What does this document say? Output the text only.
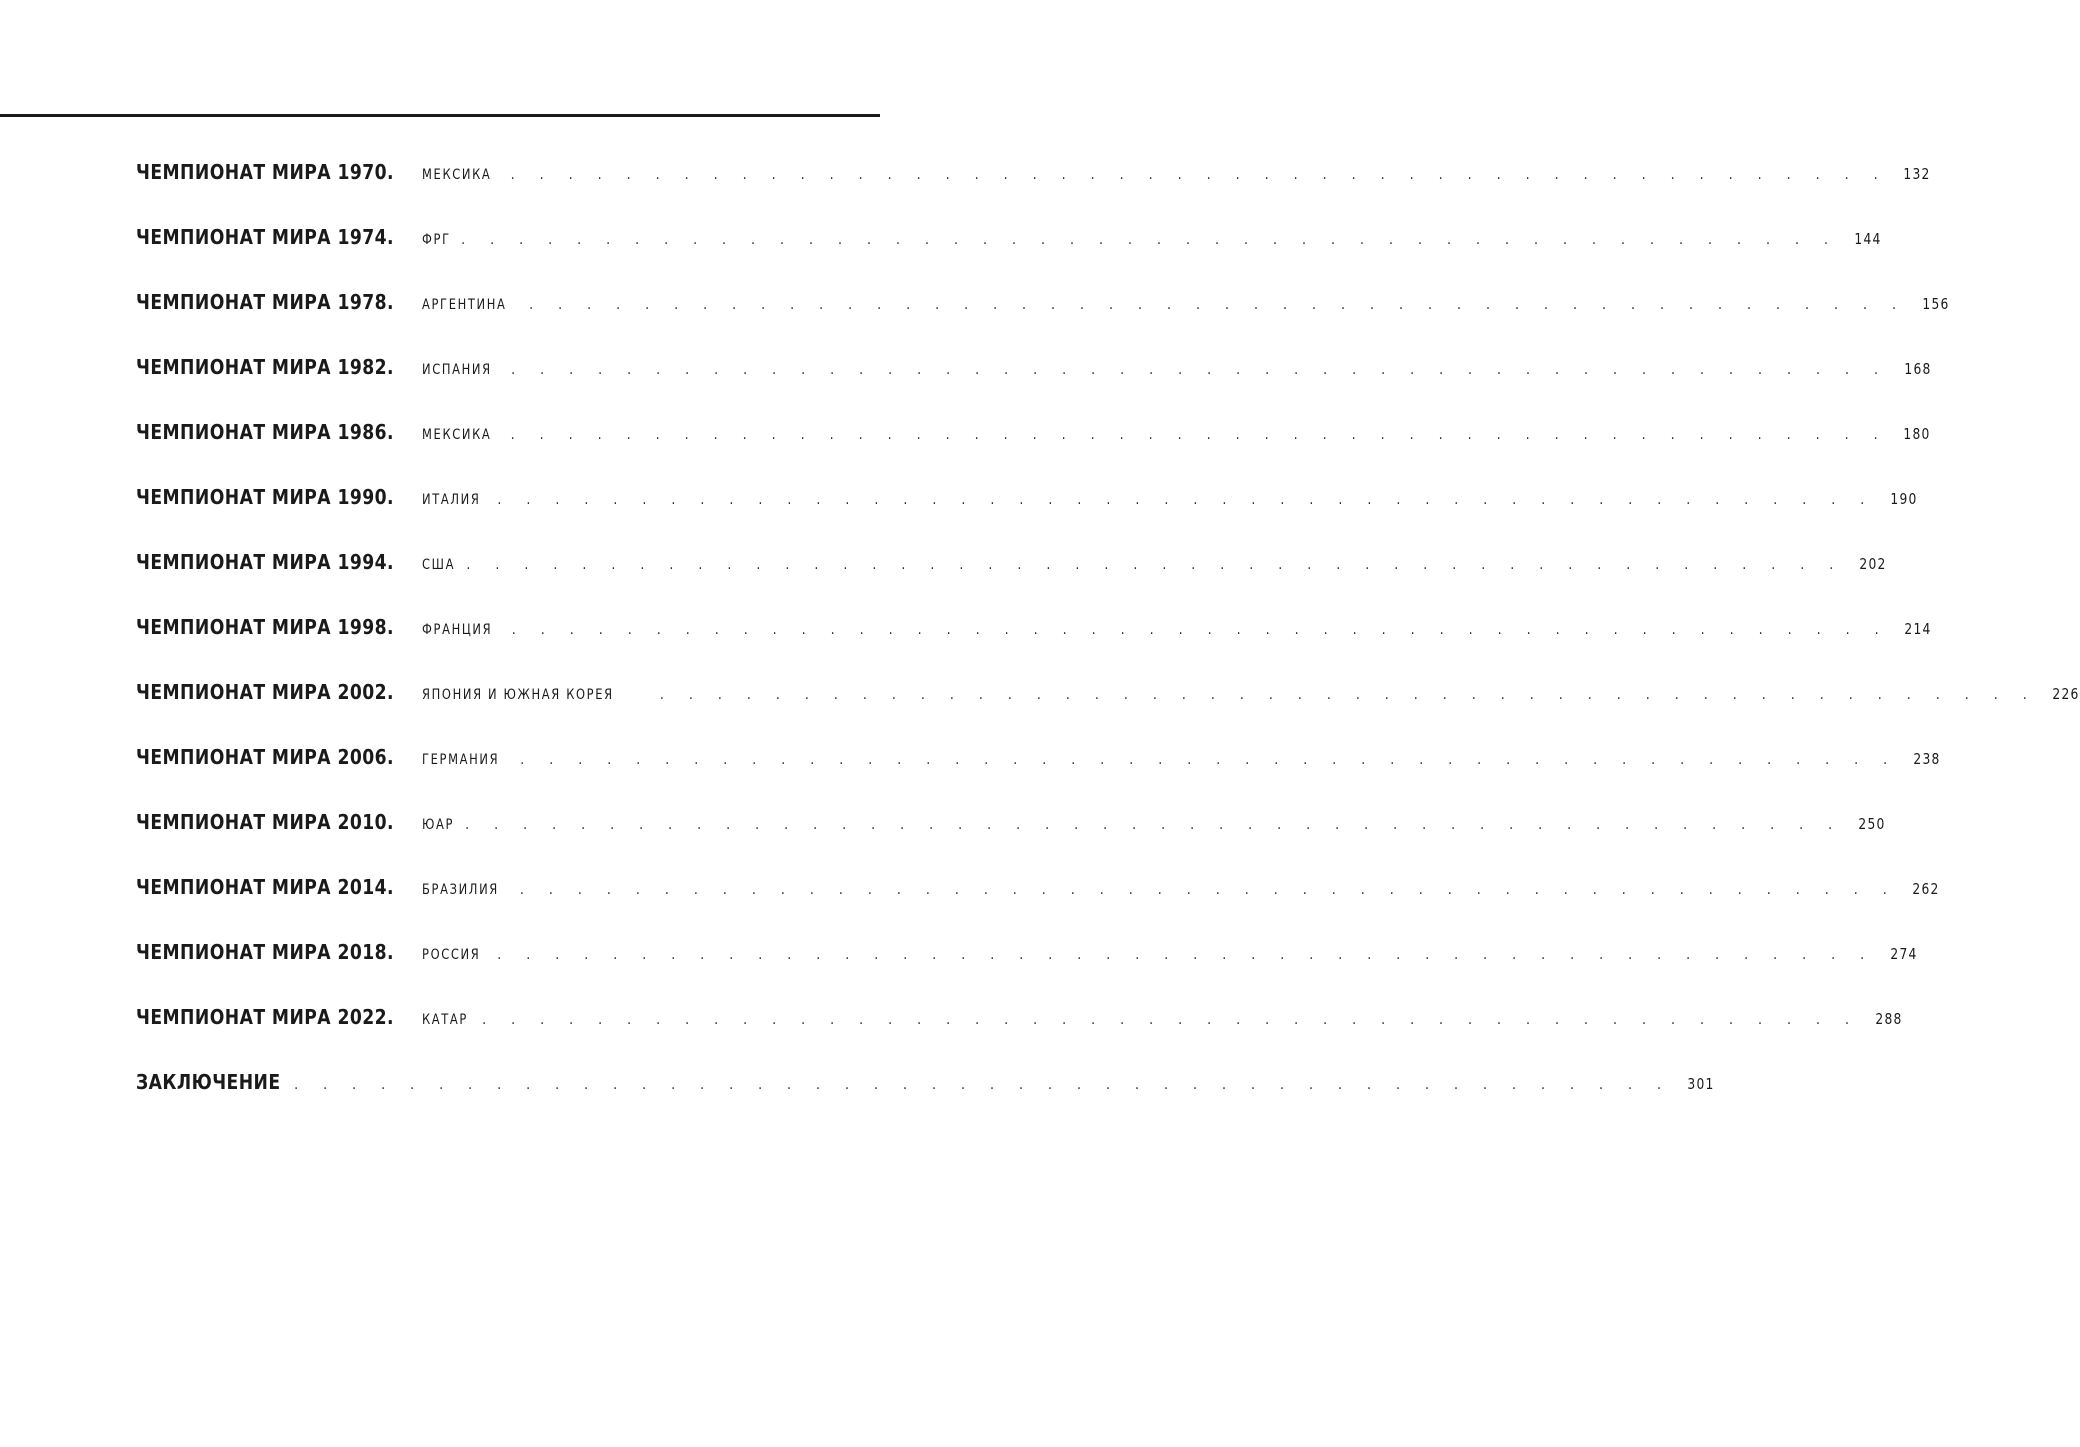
ЧЕМПИОНАТ МИРА 1970. МЕКСИКА . . . . . . . . . . . . . . . . . . . . . . . . . . . . . . . . . . . . . . . . . . . . . . . . 132
ЧЕМПИОНАТ МИРА 1974. ФРГ . . . . . . . . . . . . . . . . . . . . . . . . . . . . . . . . . . . . . . . . . . . . . . . . 144
ЧЕМПИОНАТ МИРА 1978. АРГЕНТИНА . . . . . . . . . . . . . . . . . . . . . . . . . . . . . . . . . . . . . . . . . . . . . . . . 156
ЧЕМПИОНАТ МИРА 1982. ИСПАНИЯ . . . . . . . . . . . . . . . . . . . . . . . . . . . . . . . . . . . . . . . . . . . . . . . . 168
ЧЕМПИОНАТ МИРА 1986. МЕКСИКА . . . . . . . . . . . . . . . . . . . . . . . . . . . . . . . . . . . . . . . . . . . . . . . . 180
ЧЕМПИОНАТ МИРА 1990. ИТАЛИЯ . . . . . . . . . . . . . . . . . . . . . . . . . . . . . . . . . . . . . . . . . . . . . . . . 190
ЧЕМПИОНАТ МИРА 1994. США . . . . . . . . . . . . . . . . . . . . . . . . . . . . . . . . . . . . . . . . . . . . . . . . 202
ЧЕМПИОНАТ МИРА 1998. ФРАНЦИЯ . . . . . . . . . . . . . . . . . . . . . . . . . . . . . . . . . . . . . . . . . . . . . . . . 214
ЧЕМПИОНАТ МИРА 2002. ЯПОНИЯ И ЮЖНАЯ КОРЕЯ	. . . . . . . . . . . . . . . . . . . . . . . . . . . . . . . . . . . . . . . . . . . . . . . . 226
ЧЕМПИОНАТ МИРА 2006. ГЕРМАНИЯ . . . . . . . . . . . . . . . . . . . . . . . . . . . . . . . . . . . . . . . . . . . . . . . . 238
ЧЕМПИОНАТ МИРА 2010. ЮАР . . . . . . . . . . . . . . . . . . . . . . . . . . . . . . . . . . . . . . . . . . . . . . . . 250
ЧЕМПИОНАТ МИРА 2014. БРАЗИЛИЯ . . . . . . . . . . . . . . . . . . . . . . . . . . . . . . . . . . . . . . . . . . . . . . . . 262
ЧЕМПИОНАТ МИРА 2018. РОССИЯ . . . . . . . . . . . . . . . . . . . . . . . . . . . . . . . . . . . . . . . . . . . . . . . . 274
ЧЕМПИОНАТ МИРА 2022. КАТАР . . . . . . . . . . . . . . . . . . . . . . . . . . . . . . . . . . . . . . . . . . . . . . . . 288
ЗАКЛЮЧЕНИЕ . . . . . . . . . . . . . . . . . . . . . . . . . . . . . . . . . . . . . . . . . . . . . . . . 301
